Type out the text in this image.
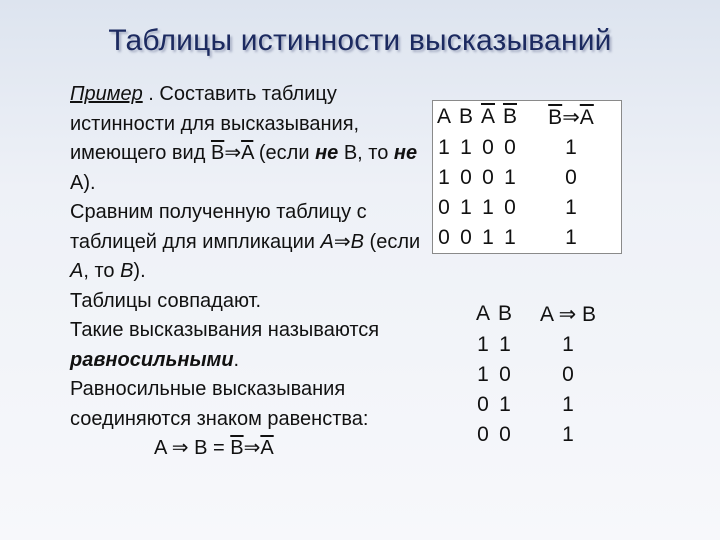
Таблицы истинности высказываний

Пример . Составить таблицу истинности для высказывания, имеющего вид $\overline{B}\Rightarrow\overline{A}$ (если не B, то не A).

Сравним полученную таблицу с таблицей для импликации A⇒B (если A, то B).

Таблицы совпадают.

Такие высказывания называются равносильными.

Равносильные высказывания соединяются знаком равенства:

A ⇒ $B = \overline{B}\Rightarrow\overline{A}$

A	B	$\overline{A}$	$\overline{B}$	$\overline{B}\Rightarrow\overline{A}$
1	1	0	0	1
1	0	0	1	0
0	1	1	0	1
0	0	1	1	1
A	B	A ⇒ B
1	1	1
1	0	0
0	1	1
0	0	1
